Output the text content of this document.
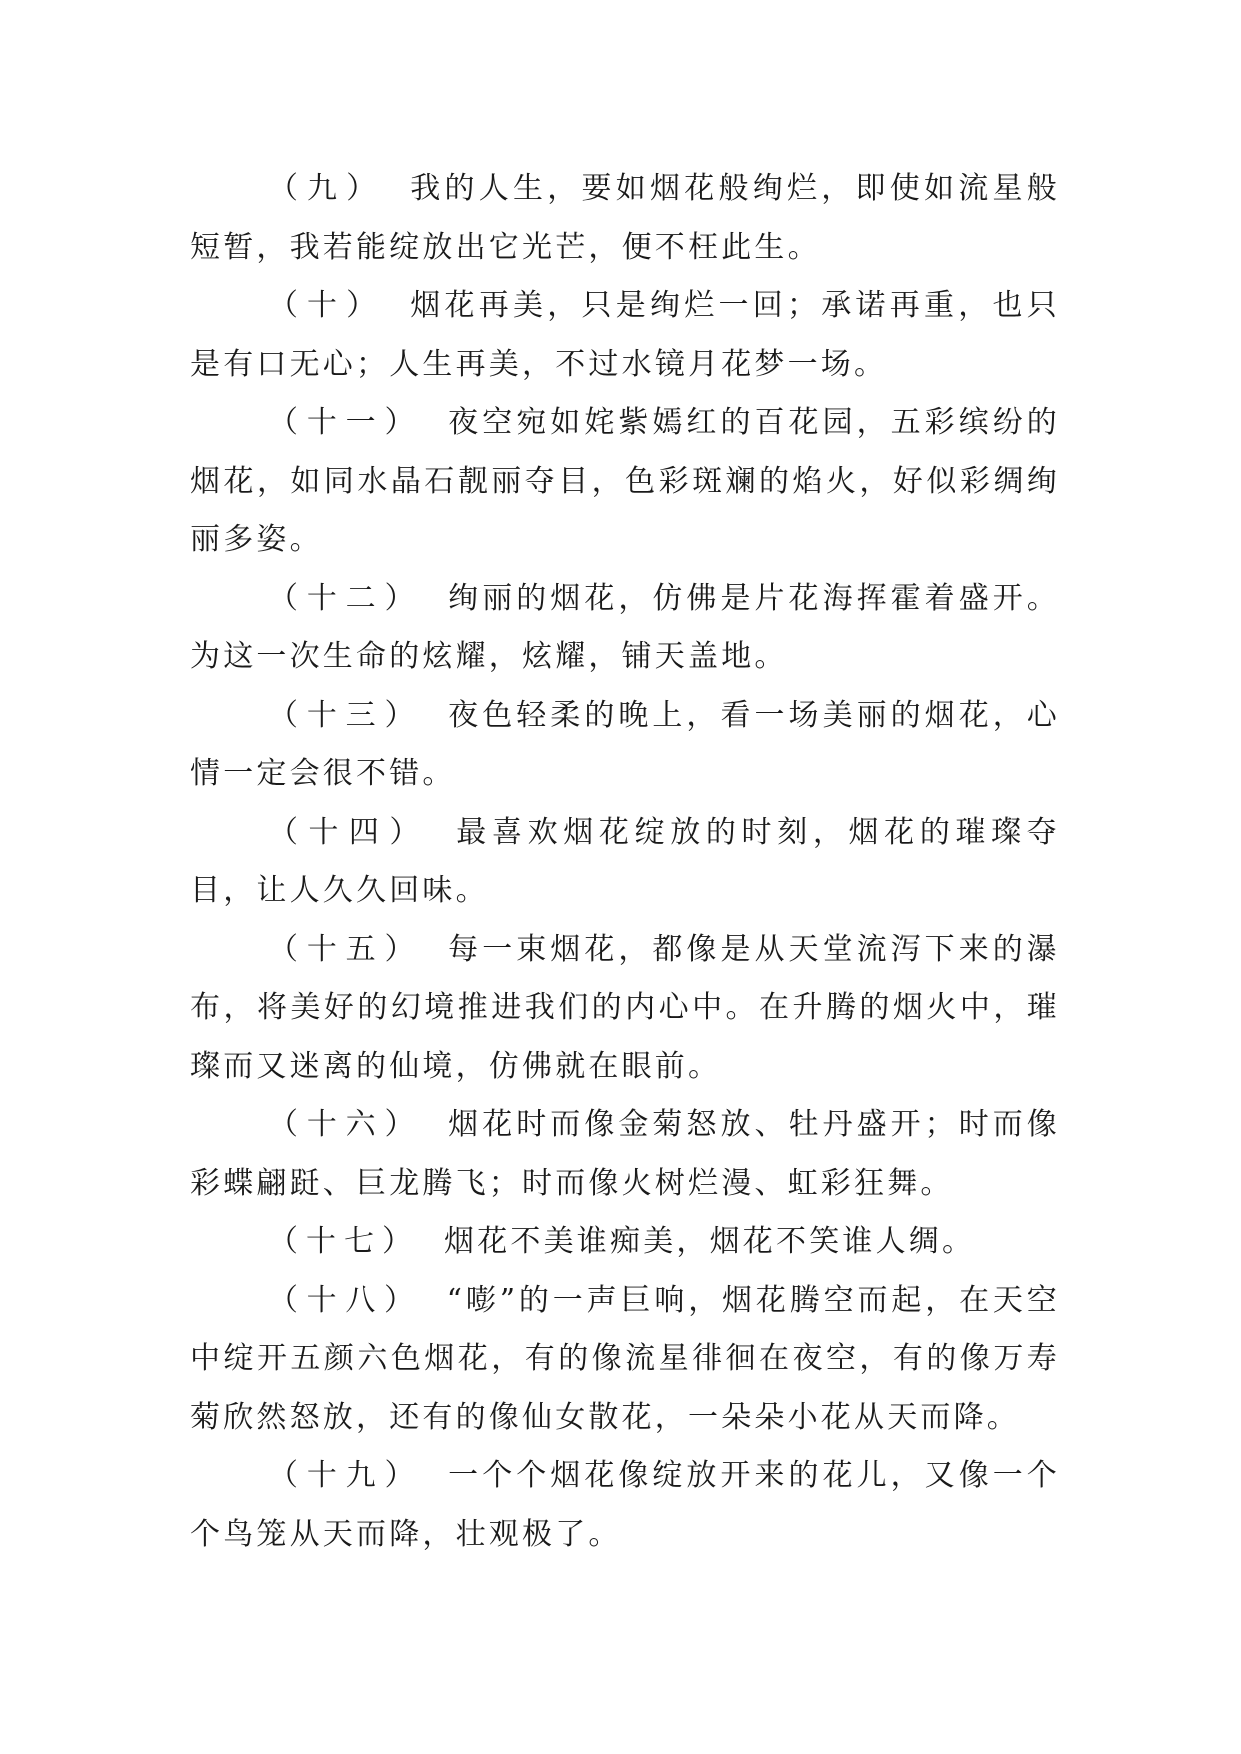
（九） 我的人生，要如烟花般绚烂，即使如流星般短暂，我若能绽放出它光芒，便不枉此生。

（十） 烟花再美，只是绚烂一回；承诺再重，也只是有口无心；人生再美，不过水镜月花梦一场。

（十一） 夜空宛如姹紫嫣红的百花园，五彩缤纷的烟花，如同水晶石靓丽夺目，色彩斑斓的焰火，好似彩绸绚丽多姿。

（十二） 绚丽的烟花，仿佛是片花海挥霍着盛开。为这一次生命的炫耀，炫耀，铺天盖地。

（十三） 夜色轻柔的晚上，看一场美丽的烟花，心情一定会很不错。

（十四） 最喜欢烟花绽放的时刻，烟花的璀璨夺目，让人久久回味。

（十五） 每一束烟花，都像是从天堂流泻下来的瀑布，将美好的幻境推进我们的内心中。在升腾的烟火中，璀璨而又迷离的仙境，仿佛就在眼前。

（十六） 烟花时而像金菊怒放、牡丹盛开；时而像彩蝶翩跹、巨龙腾飞；时而像火树烂漫、虹彩狂舞。

（十七） 烟花不美谁痴美，烟花不笑谁人绸。

（十八） “嘭”的一声巨响，烟花腾空而起，在天空中绽开五颜六色烟花，有的像流星徘徊在夜空，有的像万寿菊欣然怒放，还有的像仙女散花，一朵朵小花从天而降。

（十九） 一个个烟花像绽放开来的花儿，又像一个个鸟笼从天而降，壮观极了。
